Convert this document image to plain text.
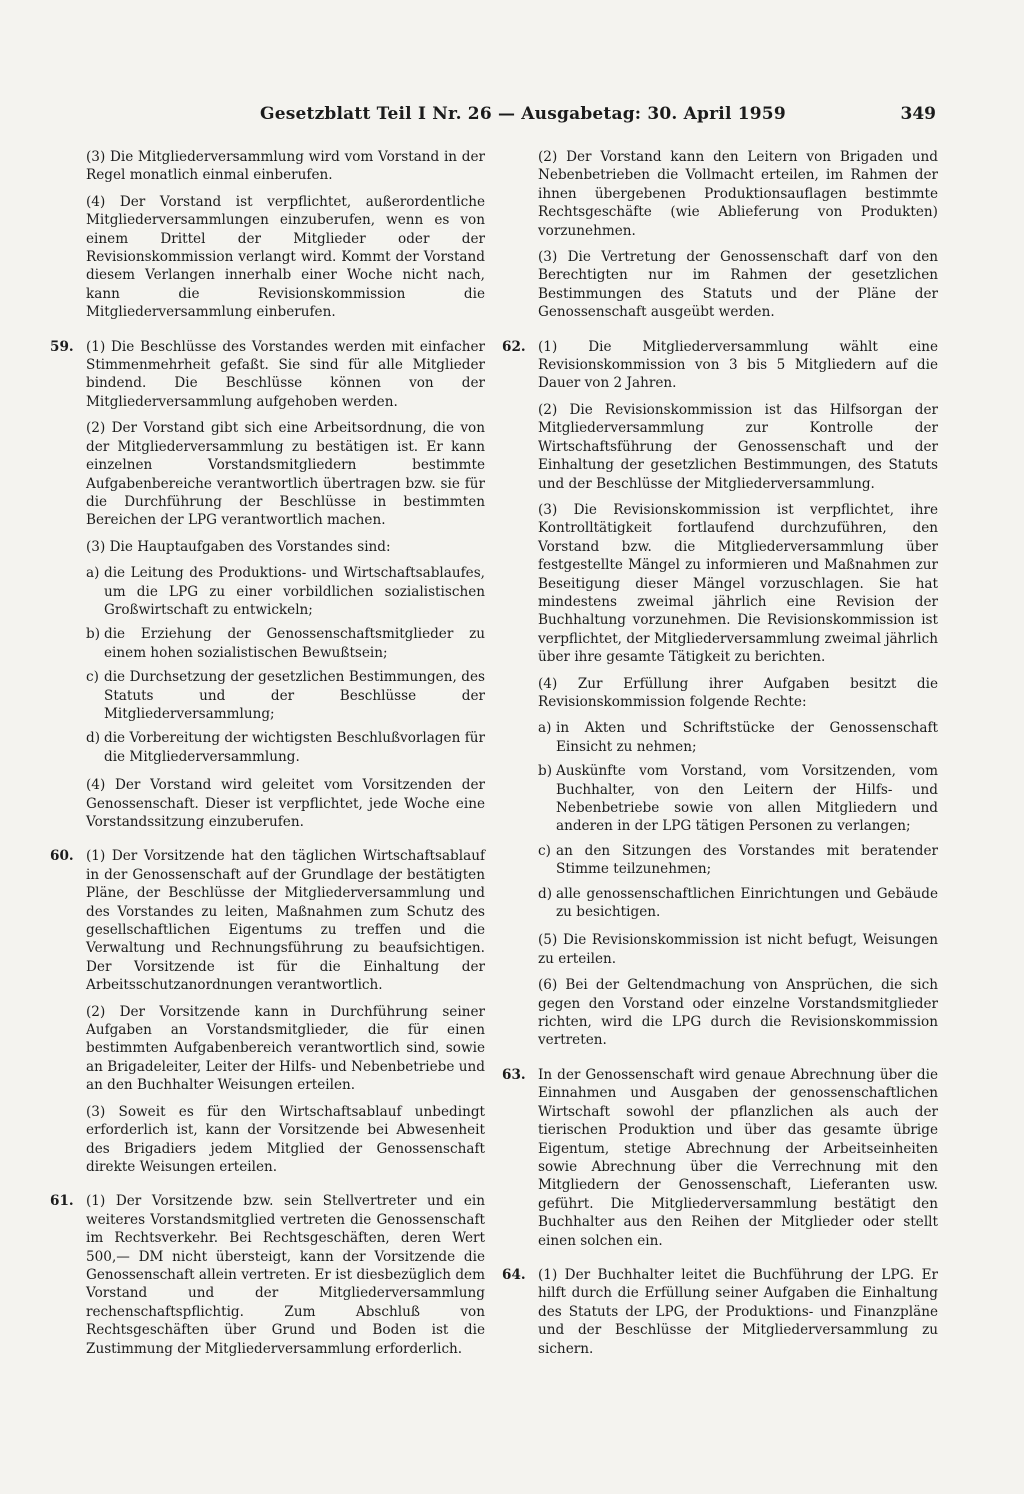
Gesetzblatt Teil I Nr. 26 — Ausgabetag: 30. April 1959	349

(3) Die Mitgliederversammlung wird vom Vorstand in der Regel monatlich einmal einberufen.

(4) Der Vorstand ist verpflichtet, außerordentliche Mitgliederversammlungen einzuberufen, wenn es von einem Drittel der Mitglieder oder der Revisionskommission verlangt wird. Kommt der Vorstand diesem Verlangen innerhalb einer Woche nicht nach, kann die Revisionskommission die Mitgliederversammlung einberufen.

59. (1) Die Beschlüsse des Vorstandes werden mit einfacher Stimmenmehrheit gefaßt. Sie sind für alle Mitglieder bindend. Die Beschlüsse können von der Mitgliederversammlung aufgehoben werden.

(2) Der Vorstand gibt sich eine Arbeitsordnung, die von der Mitgliederversammlung zu bestätigen ist. Er kann einzelnen Vorstandsmitgliedern bestimmte Aufgabenbereiche verantwortlich übertragen bzw. sie für die Durchführung der Beschlüsse in bestimmten Bereichen der LPG verantwortlich machen.

(3) Die Hauptaufgaben des Vorstandes sind:

a) die Leitung des Produktions- und Wirtschaftsablaufes, um die LPG zu einer vorbildlichen sozialistischen Großwirtschaft zu entwickeln;
b) die Erziehung der Genossenschaftsmitglieder zu einem hohen sozialistischen Bewußtsein;
c) die Durchsetzung der gesetzlichen Bestimmungen, des Statuts und der Beschlüsse der Mitgliederversammlung;
d) die Vorbereitung der wichtigsten Beschlußvorlagen für die Mitgliederversammlung.

(4) Der Vorstand wird geleitet vom Vorsitzenden der Genossenschaft. Dieser ist verpflichtet, jede Woche eine Vorstandssitzung einzuberufen.

60. (1) Der Vorsitzende hat den täglichen Wirtschaftsablauf in der Genossenschaft auf der Grundlage der bestätigten Pläne, der Beschlüsse der Mitgliederversammlung und des Vorstandes zu leiten, Maßnahmen zum Schutz des gesellschaftlichen Eigentums zu treffen und die Verwaltung und Rechnungsführung zu beaufsichtigen. Der Vorsitzende ist für die Einhaltung der Arbeitsschutzanordnungen verantwortlich.

(2) Der Vorsitzende kann in Durchführung seiner Aufgaben an Vorstandsmitglieder, die für einen bestimmten Aufgabenbereich verantwortlich sind, sowie an Brigadeleiter, Leiter der Hilfs- und Nebenbetriebe und an den Buchhalter Weisungen erteilen.

(3) Soweit es für den Wirtschaftsablauf unbedingt erforderlich ist, kann der Vorsitzende bei Abwesenheit des Brigadiers jedem Mitglied der Genossenschaft direkte Weisungen erteilen.

61. (1) Der Vorsitzende bzw. sein Stellvertreter und ein weiteres Vorstandsmitglied vertreten die Genossenschaft im Rechtsverkehr. Bei Rechtsgeschäften, deren Wert 500,— DM nicht übersteigt, kann der Vorsitzende die Genossenschaft allein vertreten. Er ist diesbezüglich dem Vorstand und der Mitgliederversammlung rechenschaftspflichtig. Zum Abschluß von Rechtsgeschäften über Grund und Boden ist die Zustimmung der Mitgliederversammlung erforderlich.

(2) Der Vorstand kann den Leitern von Brigaden und Nebenbetrieben die Vollmacht erteilen, im Rahmen der ihnen übergebenen Produktionsauflagen bestimmte Rechtsgeschäfte (wie Ablieferung von Produkten) vorzunehmen.

(3) Die Vertretung der Genossenschaft darf von den Berechtigten nur im Rahmen der gesetzlichen Bestimmungen des Statuts und der Pläne der Genossenschaft ausgeübt werden.

62. (1) Die Mitgliederversammlung wählt eine Revisionskommission von 3 bis 5 Mitgliedern auf die Dauer von 2 Jahren.

(2) Die Revisionskommission ist das Hilfsorgan der Mitgliederversammlung zur Kontrolle der Wirtschaftsführung der Genossenschaft und der Einhaltung der gesetzlichen Bestimmungen, des Statuts und der Beschlüsse der Mitgliederversammlung.

(3) Die Revisionskommission ist verpflichtet, ihre Kontrolltätigkeit fortlaufend durchzuführen, den Vorstand bzw. die Mitgliederversammlung über festgestellte Mängel zu informieren und Maßnahmen zur Beseitigung dieser Mängel vorzuschlagen. Sie hat mindestens zweimal jährlich eine Revision der Buchhaltung vorzunehmen. Die Revisionskommission ist verpflichtet, der Mitgliederversammlung zweimal jährlich über ihre gesamte Tätigkeit zu berichten.

(4) Zur Erfüllung ihrer Aufgaben besitzt die Revisionskommission folgende Rechte:

a) in Akten und Schriftstücke der Genossenschaft Einsicht zu nehmen;
b) Auskünfte vom Vorstand, vom Vorsitzenden, vom Buchhalter, von den Leitern der Hilfs- und Nebenbetriebe sowie von allen Mitgliedern und anderen in der LPG tätigen Personen zu verlangen;
c) an den Sitzungen des Vorstandes mit beratender Stimme teilzunehmen;
d) alle genossenschaftlichen Einrichtungen und Gebäude zu besichtigen.

(5) Die Revisionskommission ist nicht befugt, Weisungen zu erteilen.

(6) Bei der Geltendmachung von Ansprüchen, die sich gegen den Vorstand oder einzelne Vorstandsmitglieder richten, wird die LPG durch die Revisionskommission vertreten.

63. In der Genossenschaft wird genaue Abrechnung über die Einnahmen und Ausgaben der genossenschaftlichen Wirtschaft sowohl der pflanzlichen als auch der tierischen Produktion und über das gesamte übrige Eigentum, stetige Abrechnung der Arbeitseinheiten sowie Abrechnung über die Verrechnung mit den Mitgliedern der Genossenschaft, Lieferanten usw. geführt. Die Mitgliederversammlung bestätigt den Buchhalter aus den Reihen der Mitglieder oder stellt einen solchen ein.

64. (1) Der Buchhalter leitet die Buchführung der LPG. Er hilft durch die Erfüllung seiner Aufgaben die Einhaltung des Statuts der LPG, der Produktions- und Finanzpläne und der Beschlüsse der Mitgliederversammlung zu sichern.
